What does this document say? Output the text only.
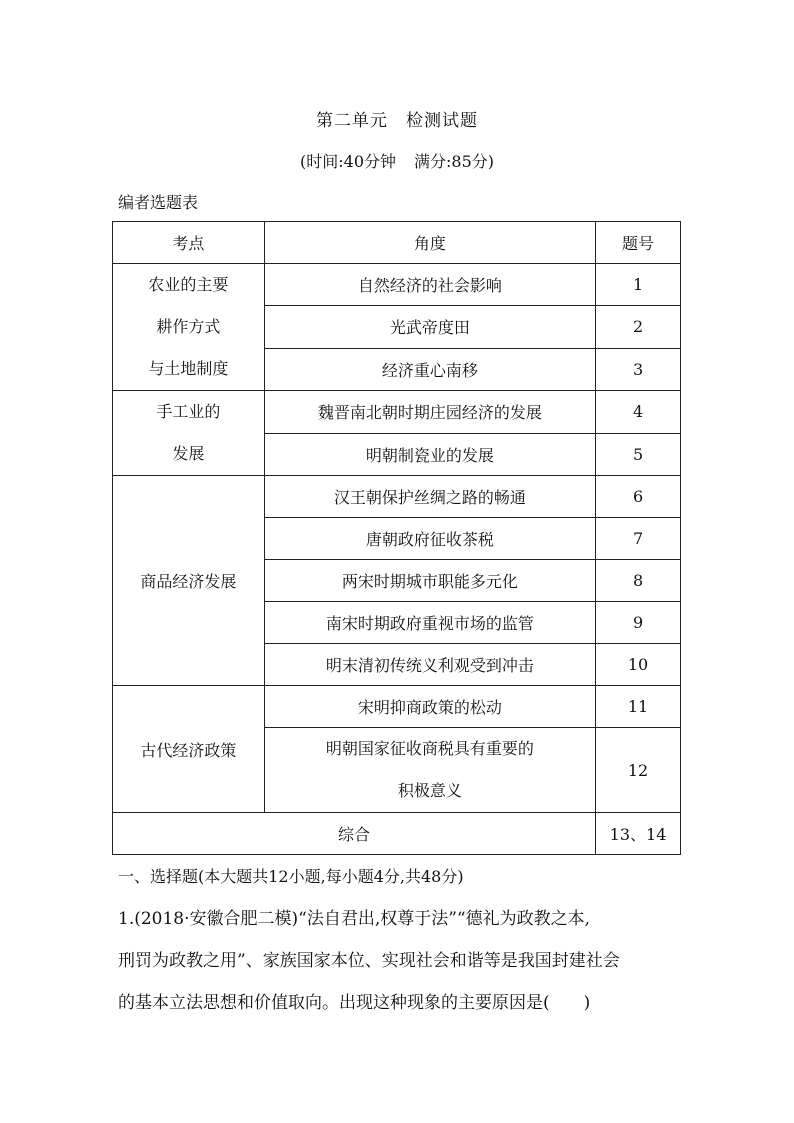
第二单元 检测试题
(时间:40分钟 满分:85分)
编者选题表
考点	角度	题号

农业的主要
耕作方式
与土地制度	自然经济的社会影响	1
	光武帝度田	2
	经济重心南移	3

手工业的
发展	魏晋南北朝时期庄园经济的发展	4
	明朝制瓷业的发展	5
商品经济发展	汉王朝保护丝绸之路的畅通	6
	唐朝政府征收茶税	7
	两宋时期城市职能多元化	8
	南宋时期政府重视市场的监管	9
	明末清初传统义利观受到冲击	10
古代经济政策	宋明抑商政策的松动	11

	明朝国家征收商税具有重要的
积极意义	12
综合		13、14
一、选择题(本大题共12小题,每小题4分,共48分)
1.(2018·安徽合肥二模)“法自君出,权尊于法”“德礼为政教之本,
刑罚为政教之用”、家族国家本位、实现社会和谐等是我国封建社会
的基本立法思想和价值取向。出现这种现象的主要原因是(　　)
